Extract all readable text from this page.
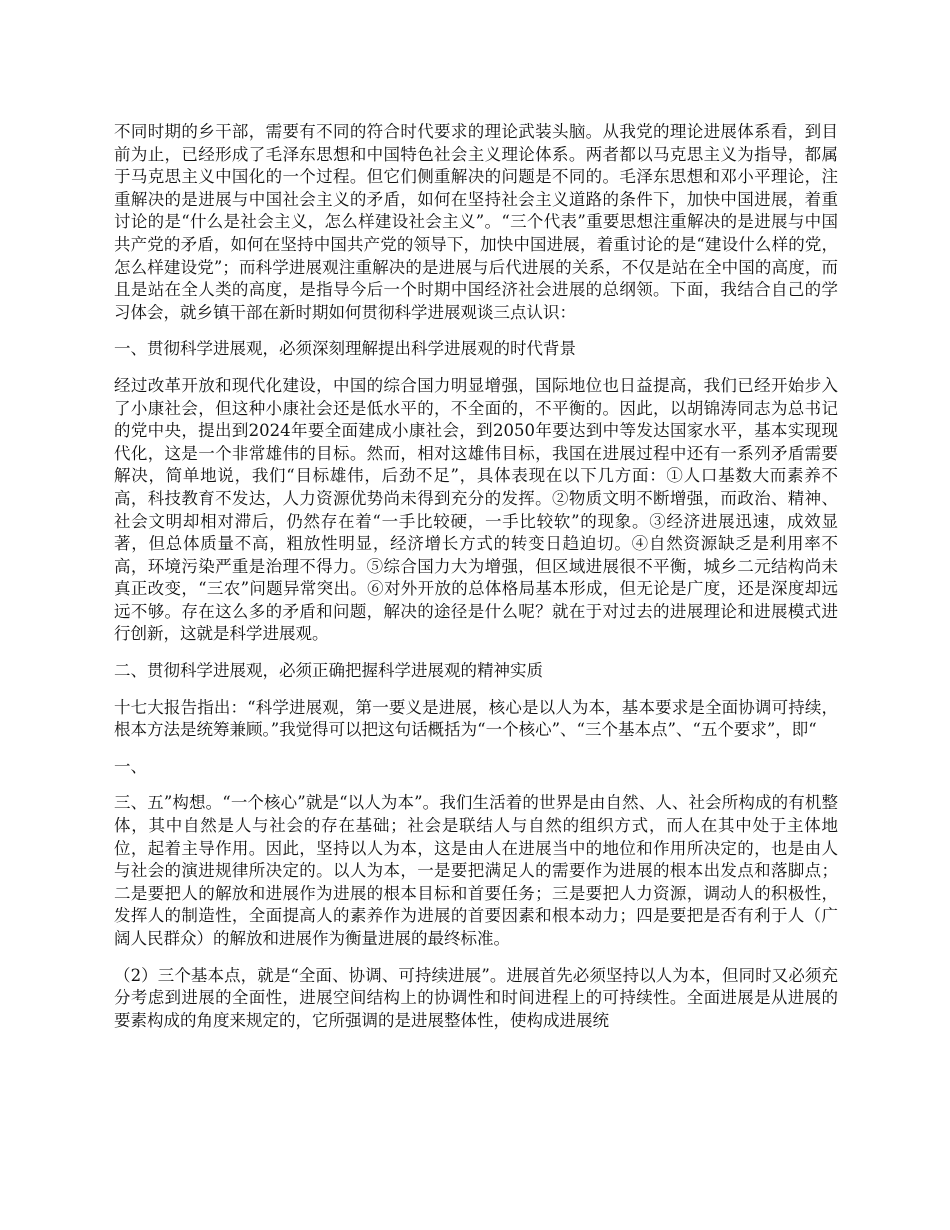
不同时期的乡干部，需要有不同的符合时代要求的理论武装头脑。从我党的理论进展体系看，到目前为止，已经形成了毛泽东思想和中国特色社会主义理论体系。两者都以马克思主义为指导，都属于马克思主义中国化的一个过程。但它们侧重解决的问题是不同的。毛泽东思想和邓小平理论，注重解决的是进展与中国社会主义的矛盾，如何在坚持社会主义道路的条件下，加快中国进展，着重讨论的是“什么是社会主义，怎么样建设社会主义”。“三个代表”重要思想注重解决的是进展与中国共产党的矛盾，如何在坚持中国共产党的领导下，加快中国进展，着重讨论的是“建设什么样的党，怎么样建设党”；而科学进展观注重解决的是进展与后代进展的关系，不仅是站在全中国的高度，而且是站在全人类的高度，是指导今后一个时期中国经济社会进展的总纲领。下面，我结合自己的学习体会，就乡镇干部在新时期如何贯彻科学进展观谈三点认识：

一、贯彻科学进展观，必须深刻理解提出科学进展观的时代背景

经过改革开放和现代化建设，中国的综合国力明显增强，国际地位也日益提高，我们已经开始步入了小康社会，但这种小康社会还是低水平的，不全面的，不平衡的。因此，以胡锦涛同志为总书记的党中央，提出到2024年要全面建成小康社会，到2050年要达到中等发达国家水平，基本实现现代化，这是一个非常雄伟的目标。然而，相对这雄伟目标，我国在进展过程中还有一系列矛盾需要解决，简单地说，我们“目标雄伟，后劲不足”，具体表现在以下几方面：①人口基数大而素养不高，科技教育不发达，人力资源优势尚未得到充分的发挥。②物质文明不断增强，而政治、精神、社会文明却相对滞后，仍然存在着“一手比较硬，一手比较软”的现象。③经济进展迅速，成效显著，但总体质量不高，粗放性明显，经济增长方式的转变日趋迫切。④自然资源缺乏是利用率不高，环境污染严重是治理不得力。⑤综合国力大为增强，但区域进展很不平衡，城乡二元结构尚未真正改变，“三农”问题异常突出。⑥对外开放的总体格局基本形成，但无论是广度，还是深度却远远不够。存在这么多的矛盾和问题，解决的途径是什么呢？就在于对过去的进展理论和进展模式进行创新，这就是科学进展观。

二、贯彻科学进展观，必须正确把握科学进展观的精神实质

十七大报告指出：“科学进展观，第一要义是进展，核心是以人为本，基本要求是全面协调可持续，根本方法是统筹兼顾。”我觉得可以把这句话概括为“一个核心”、“三个基本点”、“五个要求”，即“

一、

三、五”构想。“一个核心”就是“以人为本”。我们生活着的世界是由自然、人、社会所构成的有机整体，其中自然是人与社会的存在基础；社会是联结人与自然的组织方式，而人在其中处于主体地位，起着主导作用。因此，坚持以人为本，这是由人在进展当中的地位和作用所决定的，也是由人与社会的演进规律所决定的。以人为本，一是要把满足人的需要作为进展的根本出发点和落脚点；二是要把人的解放和进展作为进展的根本目标和首要任务；三是要把人力资源，调动人的积极性，发挥人的制造性，全面提高人的素养作为进展的首要因素和根本动力；四是要把是否有利于人（广阔人民群众）的解放和进展作为衡量进展的最终标准。

（2）三个基本点，就是“全面、协调、可持续进展”。进展首先必须坚持以人为本，但同时又必须充分考虑到进展的全面性，进展空间结构上的协调性和时间进程上的可持续性。全面进展是从进展的要素构成的角度来规定的，它所强调的是进展整体性，使构成进展统
